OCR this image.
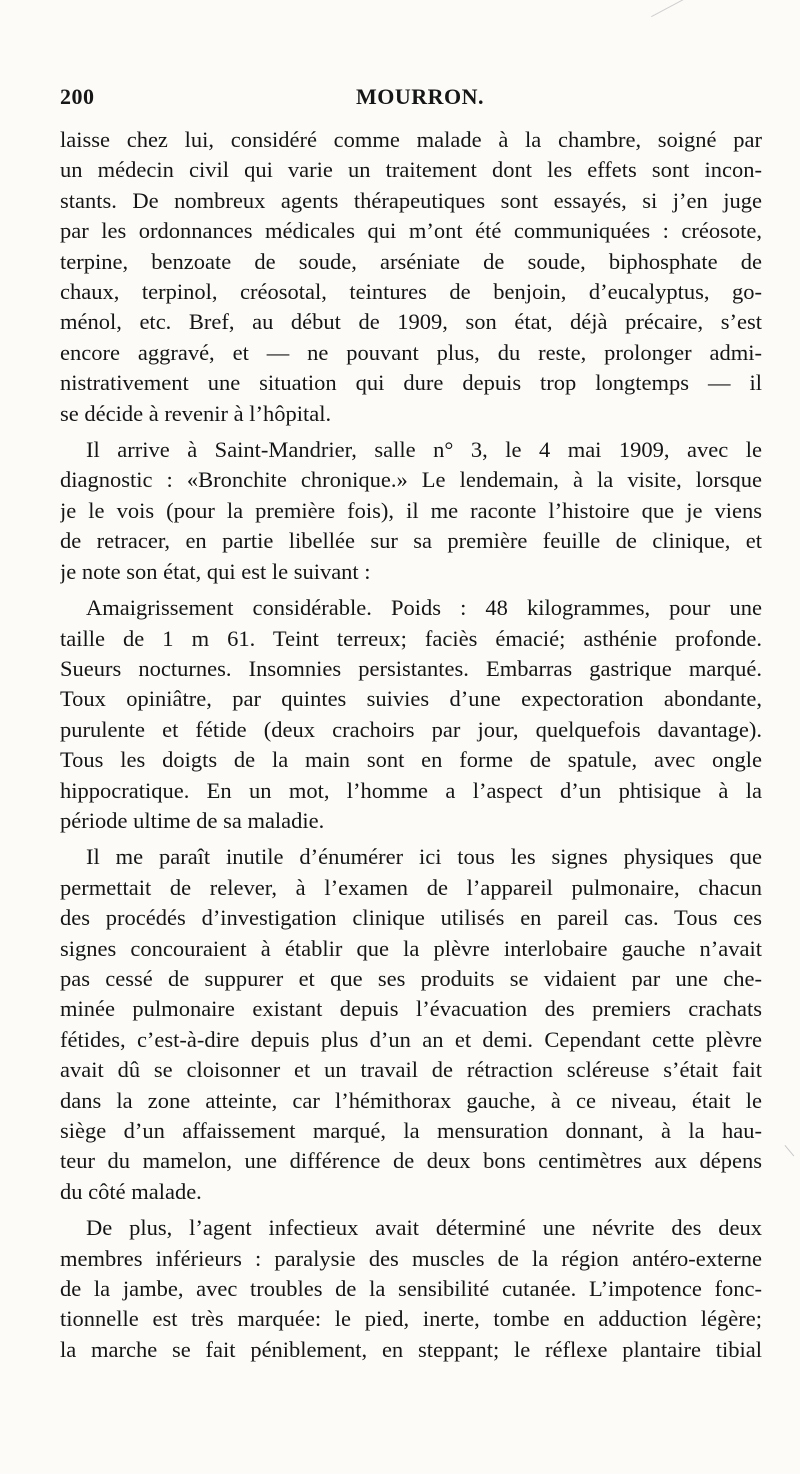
200	MOURRON.
laisse chez lui, considéré comme malade à la chambre, soigné par
un médecin civil qui varie un traitement dont les effets sont incon-
stants. De nombreux agents thérapeutiques sont essayés, si j’en juge
par les ordonnances médicales qui m’ont été communiquées : créosote,
terpine, benzoate de soude, arséniate de soude, biphosphate de
chaux, terpinol, créosotal, teintures de benjoin, d’eucalyptus, go-
ménol, etc. Bref, au début de 1909, son état, déjà précaire, s’est
encore aggravé, et — ne pouvant plus, du reste, prolonger admi-
nistrativement une situation qui dure depuis trop longtemps — il
se décide à revenir à l’hôpital.
Il arrive à Saint-Mandrier, salle n° 3, le 4 mai 1909, avec le
diagnostic : «Bronchite chronique.» Le lendemain, à la visite, lorsque
je le vois (pour la première fois), il me raconte l’histoire que je viens
de retracer, en partie libellée sur sa première feuille de clinique, et
je note son état, qui est le suivant :
Amaigrissement considérable. Poids : 48 kilogrammes, pour une
taille de 1 m 61. Teint terreux; faciès émacié; asthénie profonde.
Sueurs nocturnes. Insomnies persistantes. Embarras gastrique marqué.
Toux opiniâtre, par quintes suivies d’une expectoration abondante,
purulente et fétide (deux crachoirs par jour, quelquefois davantage).
Tous les doigts de la main sont en forme de spatule, avec ongle
hippocratique. En un mot, l’homme a l’aspect d’un phtisique à la
période ultime de sa maladie.
Il me paraît inutile d’énumérer ici tous les signes physiques que
permettait de relever, à l’examen de l’appareil pulmonaire, chacun
des procédés d’investigation clinique utilisés en pareil cas. Tous ces
signes concouraient à établir que la plèvre interlobaire gauche n’avait
pas cessé de suppurer et que ses produits se vidaient par une che-
minée pulmonaire existant depuis l’évacuation des premiers crachats
fétides, c’est-à-dire depuis plus d’un an et demi. Cependant cette plèvre
avait dû se cloisonner et un travail de rétraction scléreuse s’était fait
dans la zone atteinte, car l’hémithorax gauche, à ce niveau, était le
siège d’un affaissement marqué, la mensuration donnant, à la hau-
teur du mamelon, une différence de deux bons centimètres aux dépens
du côté malade.
De plus, l’agent infectieux avait déterminé une névrite des deux
membres inférieurs : paralysie des muscles de la région antéro-externe
de la jambe, avec troubles de la sensibilité cutanée. L’impotence fonc-
tionnelle est très marquée: le pied, inerte, tombe en adduction légère;
la marche se fait péniblement, en steppant; le réflexe plantaire tibial
